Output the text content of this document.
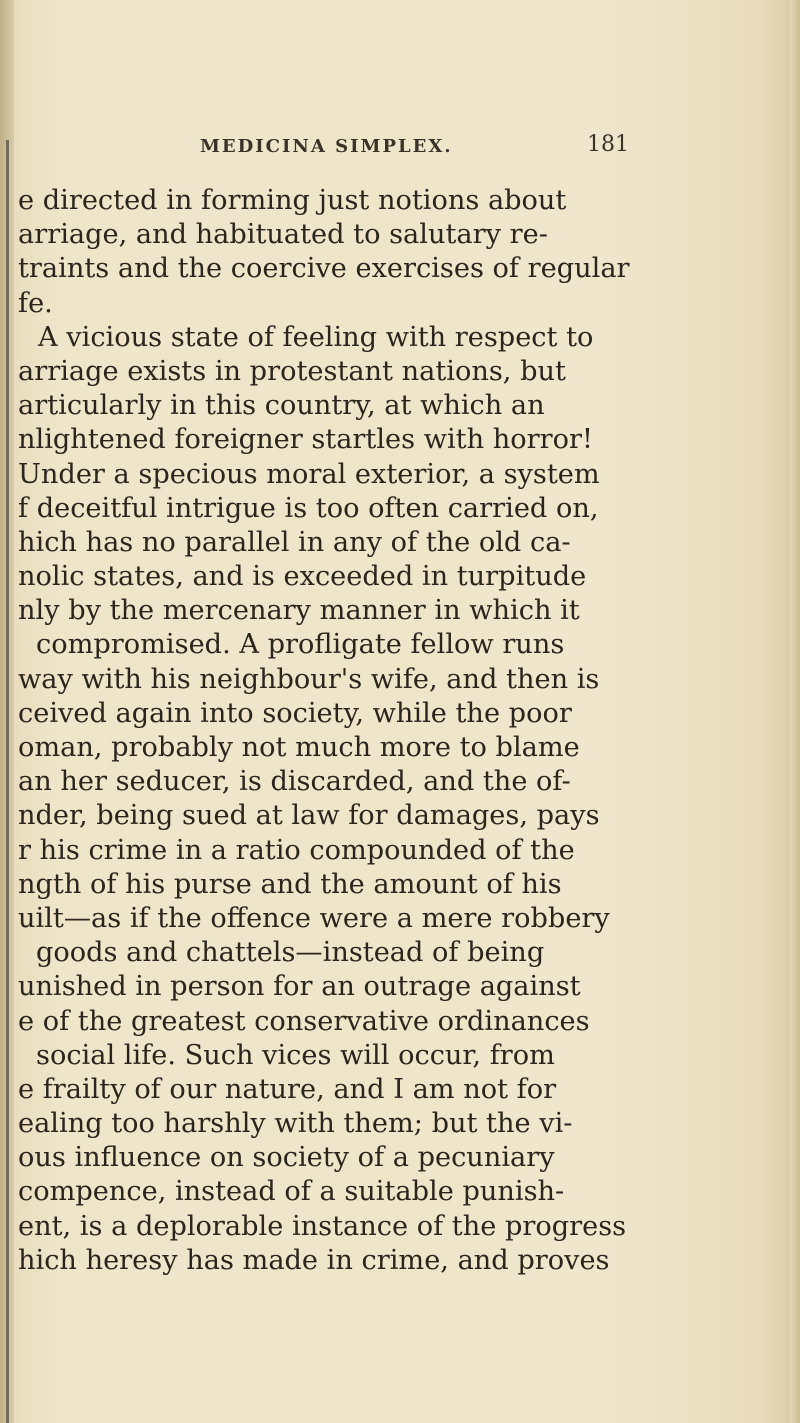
MEDICINA SIMPLEX.	181
e directed in forming just notions about
arriage, and habituated to salutary re-
traints and the coercive exercises of regular
fe.
A vicious state of feeling with respect to
arriage exists in protestant nations, but
articularly in this country, at which an
nlightened foreigner startles with horror!
Under a specious moral exterior, a system
f deceitful intrigue is too often carried on,
hich has no parallel in any of the old ca-
nolic states, and is exceeded in turpitude
nly by the mercenary manner in which it
compromised. A profligate fellow runs
way with his neighbour's wife, and then is
ceived again into society, while the poor
oman, probably not much more to blame
an her seducer, is discarded, and the of-
nder, being sued at law for damages, pays
r his crime in a ratio compounded of the
ngth of his purse and the amount of his
uilt—as if the offence were a mere robbery
goods and chattels—instead of being
unished in person for an outrage against
e of the greatest conservative ordinances
social life. Such vices will occur, from
e frailty of our nature, and I am not for
ealing too harshly with them; but the vi-
ous influence on society of a pecuniary
compence, instead of a suitable punish-
ent, is a deplorable instance of the progress
hich heresy has made in crime, and proves
